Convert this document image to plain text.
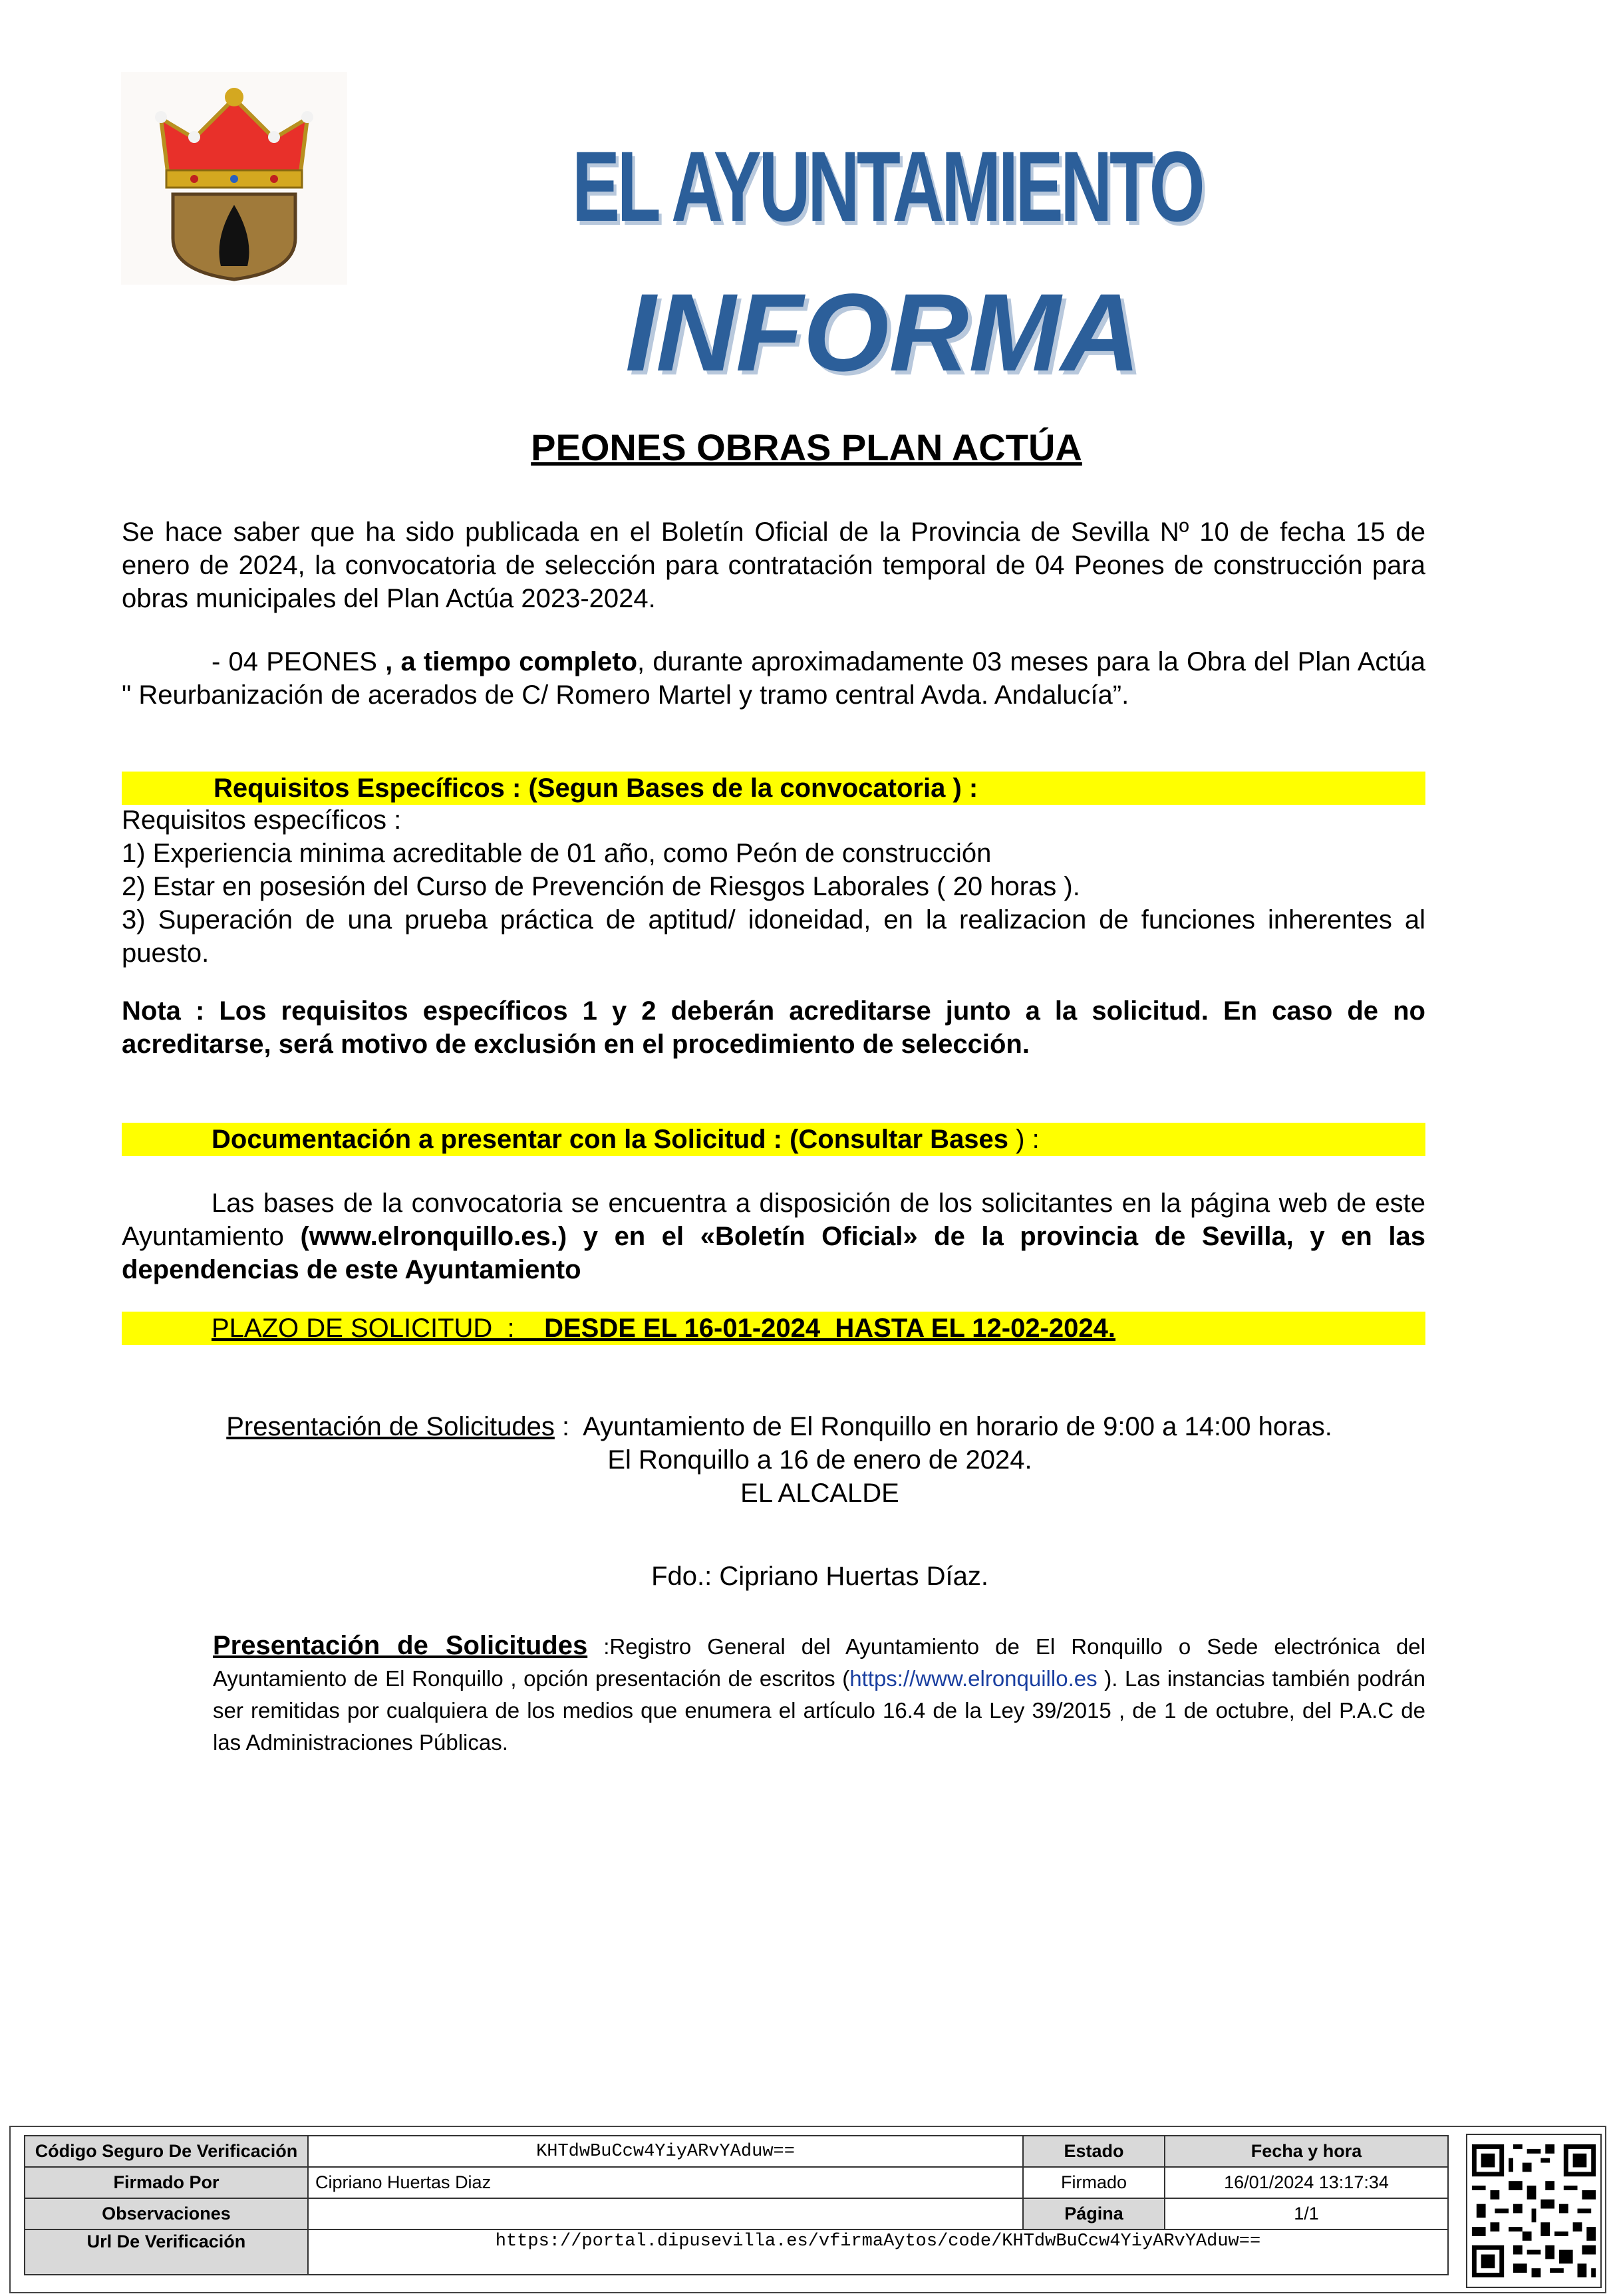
EL AYUNTAMIENTO
INFORMA
PEONES OBRAS PLAN ACTÚA
Se hace saber que ha sido publicada en el Boletín Oficial de la Provincia de Sevilla Nº 10 de fecha 15 de enero de 2024, la convocatoria de selección para contratación temporal de 04 Peones de construcción para obras municipales del Plan Actúa 2023-2024.
- 04 PEONES , a tiempo completo, durante aproximadamente 03 meses para la Obra del Plan Actúa " Reurbanización de acerados de C/ Romero Martel y tramo central Avda. Andalucía”.
Requisitos Específicos : (Segun Bases de la convocatoria ) :
Requisitos específicos :
1) Experiencia minima acreditable de 01 año, como Peón de construcción
2) Estar en posesión del Curso de Prevención de Riesgos Laborales ( 20 horas ).
3) Superación de una prueba práctica de aptitud/ idoneidad, en la realizacion de funciones inherentes al puesto.
Nota : Los requisitos específicos 1 y 2 deberán acreditarse junto a la solicitud. En caso de no acreditarse, será motivo de exclusión en el procedimiento de selección.
Documentación a presentar con la Solicitud : (Consultar Bases ) :
Las bases de la convocatoria se encuentra a disposición de los solicitantes en la página web de este Ayuntamiento (www.elronquillo.es.) y en el «Boletín Oficial» de la provincia de Sevilla, y en las dependencias de este Ayuntamiento
PLAZO DE SOLICITUD  :    DESDE EL 16-01-2024  HASTA EL 12-02-2024.

Presentación de Solicitudes :  Ayuntamiento de El Ronquillo en horario de 9:00 a 14:00 horas.

El Ronquillo a 16 de enero de 2024.
EL ALCALDE
Fdo.: Cipriano Huertas Díaz.
Presentación de Solicitudes :Registro General del Ayuntamiento de El Ronquillo o Sede electrónica del Ayuntamiento de El Ronquillo , opción presentación de escritos (https://www.elronquillo.es ). Las instancias también podrán ser remitidas por cualquiera de los medios que enumera el artículo 16.4 de la Ley 39/2015 , de 1 de octubre, del P.A.C de las Administraciones Públicas.
Código Seguro De Verificación	KHTdwBuCcw4YiyARvYAduw==	Estado	Fecha y hora
Firmado Por	Cipriano Huertas Diaz	Firmado	16/01/2024 13:17:34
Observaciones		Página	1/1
Url De Verificación	https://portal.dipusevilla.es/vfirmaAytos/code/KHTdwBuCcw4YiyARvYAduw==		
